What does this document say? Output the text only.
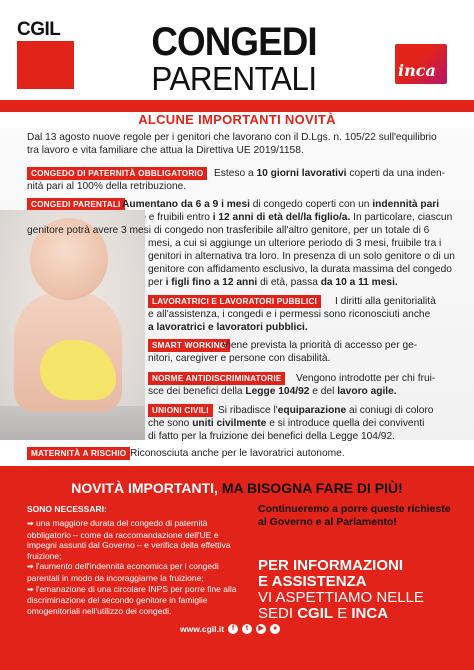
CGIL	CONGEDI
PARENTALI	inca
ALCUNE IMPORTANTI NOVITÀ
Dal 13 agosto nuove regole per i genitori che lavorano con il D.Lgs. n. 105/22 sull'equilibrio
tra lavoro e vita familiare che attua la Direttiva UE 2019/1158.
CONGEDO DI PATERNITÀ OBBLIGATORIO	Esteso a 10 giorni lavorativi coperti da una inden-
nità pari al 100% della retribuzione.
CONGEDI PARENTALI Aumentano da 6 a 9 i mesi di congedo coperti con un indennità pari
e fruibili entro i 12 anni di età del/la figlio/a. In particolare, ciascun
genitore potrà avere 3 mesi di congedo non trasferibile all'altro genitore, per un totale di 6
mesi, a cui si aggiunge un ulteriore periodo di 3 mesi, fruibile tra i
genitori in alternativa tra loro. In presenza di un solo genitore o di un
genitore con affidamento esclusivo, la durata massima del congedo
per i figli fino a 12 anni di età, passa da 10 a 11 mesi.
LAVORATRICI E LAVORATORI PUBBLICI	I diritti alla genitorialità
e all'assistenza, i congedi e i permessi sono riconosciuti anche
a lavoratrici e lavoratori pubblici.
SMART WORKING
Viene prevista la priorità di accesso per ge-
nitori, caregiver e persone con disabilità.
NORME ANTIDISCRIMINATORIE	Vengono introdotte per chi frui-
sce dei benefici della Legge 104/92 e del lavoro agile.
UNIONI CIVILI Si ribadisce l'equiparazione ai coniugi di coloro
che sono uniti civilmente e si introduce quella dei conviventi
di fatto per la fruizione dei benefici della Legge 104/92.
MATERNITÀ A RISCHIO Riconosciuta anche per le lavoratrici autonome.
NOVITÀ IMPORTANTI, MA BISOGNA FARE DI PIÙ!
SONO NECESSARI:
➡ una maggiore durata del congedo di paternità obbligatorio – come da raccomandazione dell'UE e impegni assunti dal Governo – e verifica della effettiva fruizione;
➡ l'aumento dell'indennità economica per i congedi parentali in modo da incoraggiarne la fruizione;
➡ l'emanazione di una circolare INPS per porre fine alla discriminazione del secondo genitore in famiglie omogenitoriali nell'utilizzo dei congedi.
Continueremo a porre queste richieste al Governo e al Parlamento!
PER INFORMAZIONI
E ASSISTENZA
VI ASPETTIAMO NELLE
SEDI CGIL E INCA
www.cgil.it	f	t	▶	●
